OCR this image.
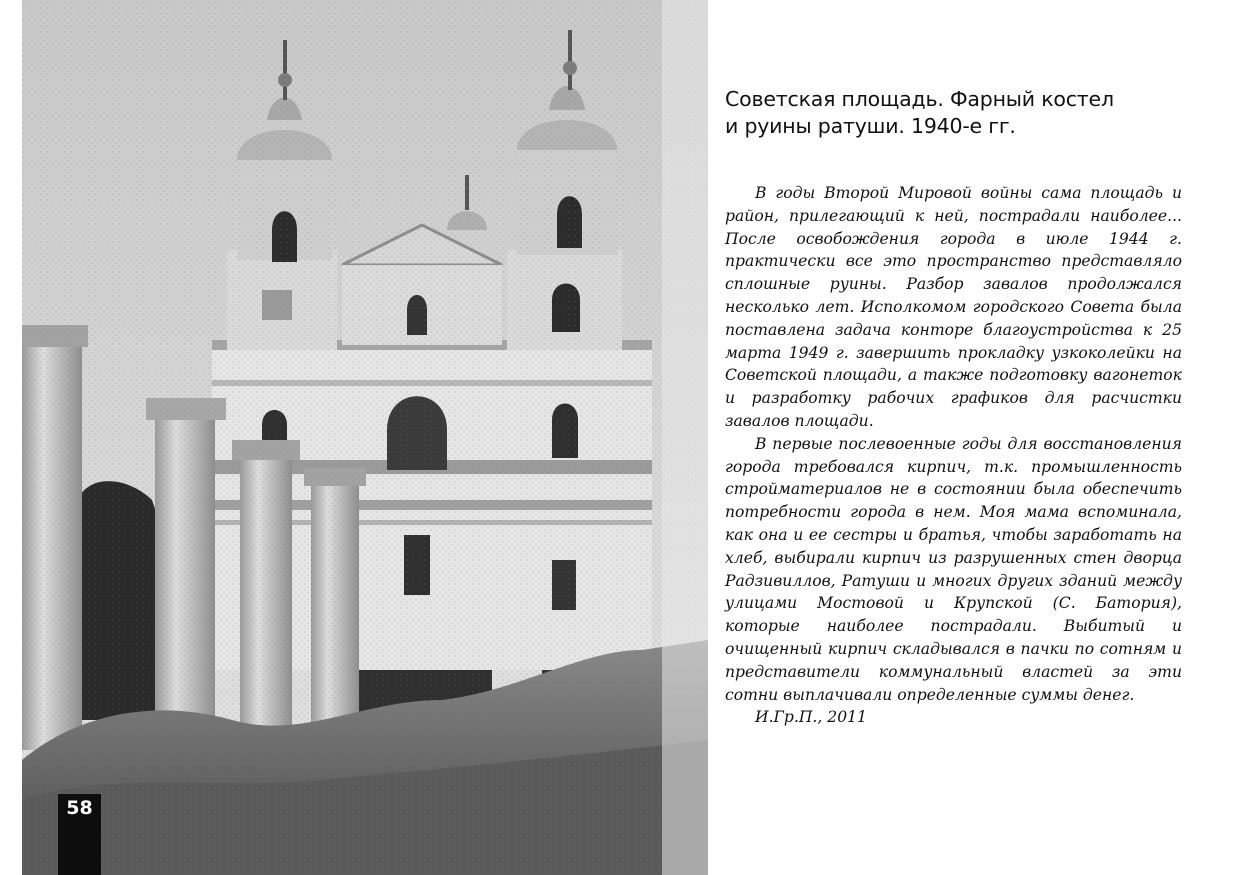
58
Советская площадь. Фарный костел
и руины ратуши. 1940-е гг.

В годы Второй Мировой войны сама площадь и район, прилегающий к ней, пострадали наиболее... После освобождения города в июле 1944 г. практически все это пространство представляло сплошные руины. Разбор завалов продолжался несколько лет. Исполкомом городского Совета была поставлена задача конторе благоустройства к 25 марта 1949 г. завершить прокладку узкоколейки на Советской площади, а также подготовку вагонеток и разработку рабочих графиков для расчистки завалов площади.

В первые послевоенные годы для восстановления города требовался кирпич, т.к. промышленность стройматериалов не в состоянии была обеспечить потребности города в нем. Моя мама вспоминала, как она и ее сестры и братья, чтобы заработать на хлеб, выбирали кирпич из разрушенных стен дворца Радзивиллов, Ратуши и многих других зданий между улицами Мостовой и Крупской (С. Батория), которые наиболее пострадали. Выбитый и очищенный кирпич складывался в пачки по сотням и представители коммунальный властей за эти сотни выплачивали определенные суммы денег.

И.Гр.П., 2011
